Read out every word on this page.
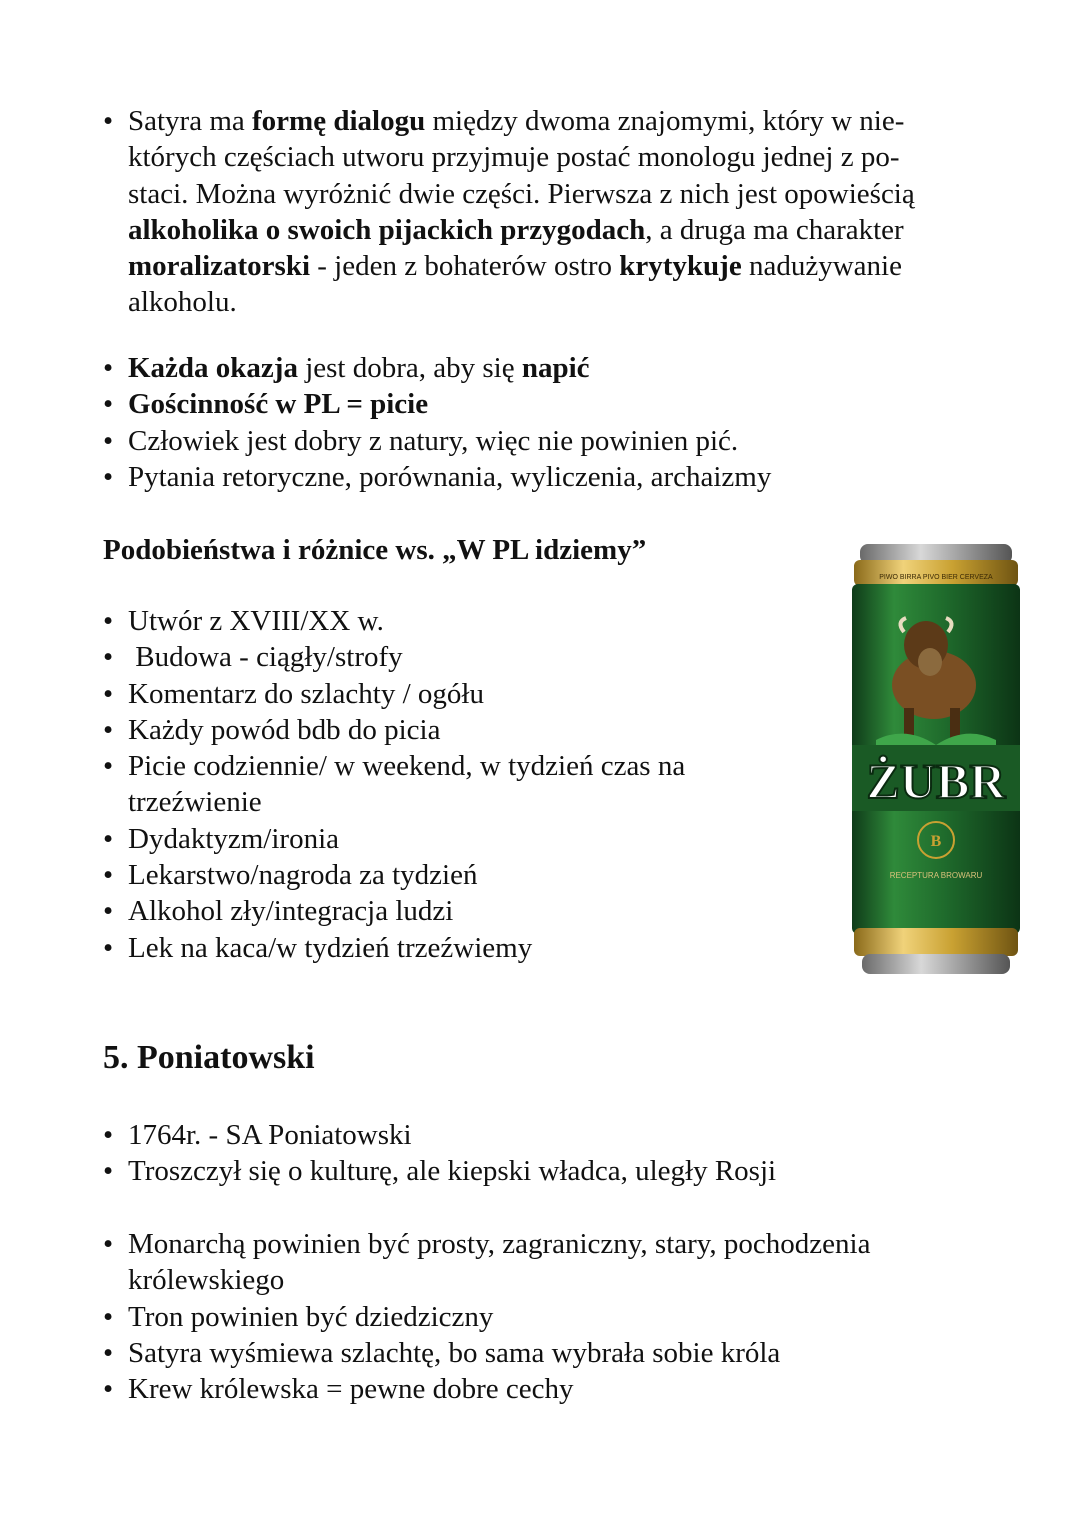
• Satyra ma formę dialogu między dwoma znajomymi, który w nie-
których częściach utworu przyjmuje postać monologu jednej z po-
staci. Można wyróżnić dwie części. Pierwsza z nich jest opowieścią
alkoholika o swoich pijackich przygodach, a druga ma charakter
moralizatorski - jeden z bohaterów ostro krytykuje nadużywanie
alkoholu.
• Każda okazja jest dobra, aby się napić
• Gościnność w PL = picie
• Człowiek jest dobry z natury, więc nie powinien pić.
• Pytania retoryczne, porównania, wyliczenia, archaizmy
Podobieństwa i różnice ws. „W PL idziemy”
• Utwór z XVIII/XX w.
•  Budowa - ciągły/strofy
• Komentarz do szlachty / ogółu
• Każdy powód bdb do picia
• Picie codziennie/ w weekend, w tydzień czas na
trzeźwienie
• Dydaktyzm/ironia
• Lekarstwo/nagroda za tydzień
• Alkohol zły/integracja ludzi
• Lek na kaca/w tydzień trzeźwiemy
PIWO BIRRA PIVO BIER CERVEZA
ŻUBR
B
RECEPTURA BROWARU
5. Poniatowski
• 1764r. - SA Poniatowski
• Troszczył się o kulturę, ale kiepski władca, uległy Rosji
• Monarchą powinien być prosty, zagraniczny, stary, pochodzenia
królewskiego
• Tron powinien być dziedziczny
• Satyra wyśmiewa szlachtę, bo sama wybrała sobie króla
• Krew królewska = pewne dobre cechy
